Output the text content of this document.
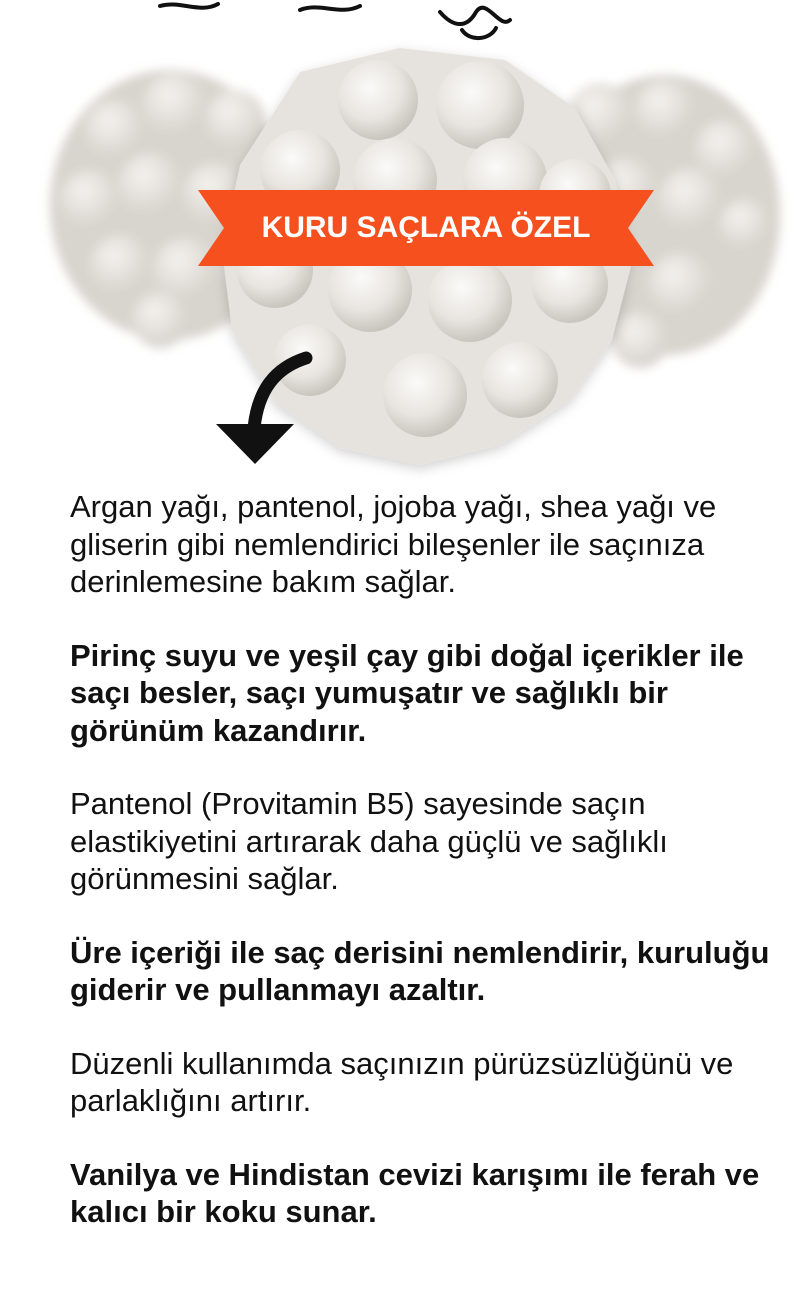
KURU SAÇLARA ÖZEL

Argan yağı, pantenol, jojoba yağı, shea yağı ve gliserin gibi nemlendirici bileşenler ile saçınıza derinlemesine bakım sağlar.

Pirinç suyu ve yeşil çay gibi doğal içerikler ile saçı besler, saçı yumuşatır ve sağlıklı bir görünüm kazandırır.

Pantenol (Provitamin B5) sayesinde saçın elastikiyetini artırarak daha güçlü ve sağlıklı görünmesini sağlar.

Üre içeriği ile saç derisini nemlendirir, kuruluğu giderir ve pullanmayı azaltır.

Düzenli kullanımda saçınızın pürüzsüzlüğünü ve parlaklığını artırır.

Vanilya ve Hindistan cevizi karışımı ile ferah ve kalıcı bir koku sunar.
